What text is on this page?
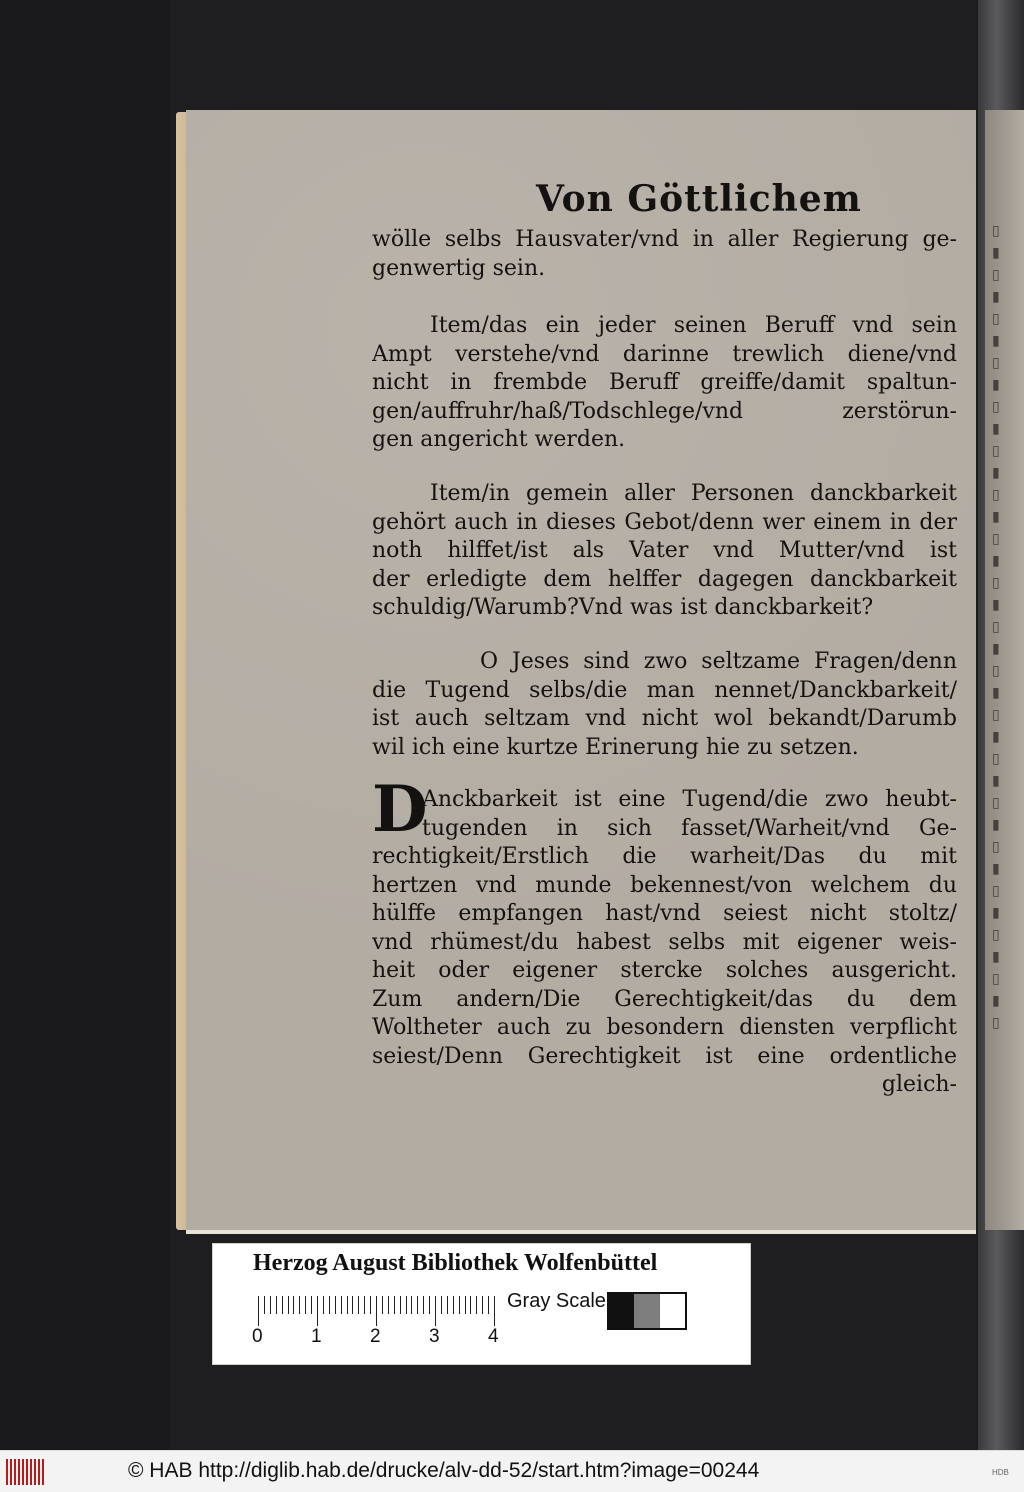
▯
▮
▯
▮
▯
▮
▯
▮
▯
▮
▯
▮
▯
▮
▯
▮
▯
▮
▯
▮
▯
▮
▯
▮
▯
▮
▯
▮
▯
▮
▯
▮
▯
▮
▯
▮
▯
Von Göttlichem
wölle selbs Hausvater/vnd in aller Regierung ge-
genwertig sein.
Item/das ein jeder seinen Beruff vnd sein
Ampt verstehe/vnd darinne trewlich diene/vnd
nicht in frembde Beruff greiffe/damit spaltun-
gen/auffruhr/haß/Todschlege/vnd zerstörun-
gen angericht werden.
Item/in gemein aller Personen danckbarkeit
gehört auch in dieses Gebot/denn wer einem in der
noth hilffet/ist als Vater vnd Mutter/vnd ist
der erledigte dem helffer dagegen danckbarkeit
schuldig/Warumb?Vnd was ist danckbarkeit?
O Jeses sind zwo seltzame Fragen/denn
die Tugend selbs/die man nennet/Danckbarkeit/
ist auch seltzam vnd nicht wol bekandt/Darumb
wil ich eine kurtze Erinerung hie zu setzen.
D
Anckbarkeit ist eine Tugend/die zwo heubt-
tugenden in sich fasset/Warheit/vnd Ge-
rechtigkeit/Erstlich die warheit/Das du mit
hertzen vnd munde bekennest/von welchem du
hülffe empfangen hast/vnd seiest nicht stoltz/
vnd rhümest/du habest selbs mit eigener weis-
heit oder eigener stercke solches ausgericht.
Zum andern/Die Gerechtigkeit/das du dem
Woltheter auch zu besondern diensten verpflicht
seiest/Denn Gerechtigkeit ist eine ordentliche
gleich-
Herzog August Bibliothek Wolfenbüttel
Gray Scale
0	1	2	3	4
© HAB http://diglib.hab.de/drucke/alv-dd-52/start.htm?image=00244	HDB
